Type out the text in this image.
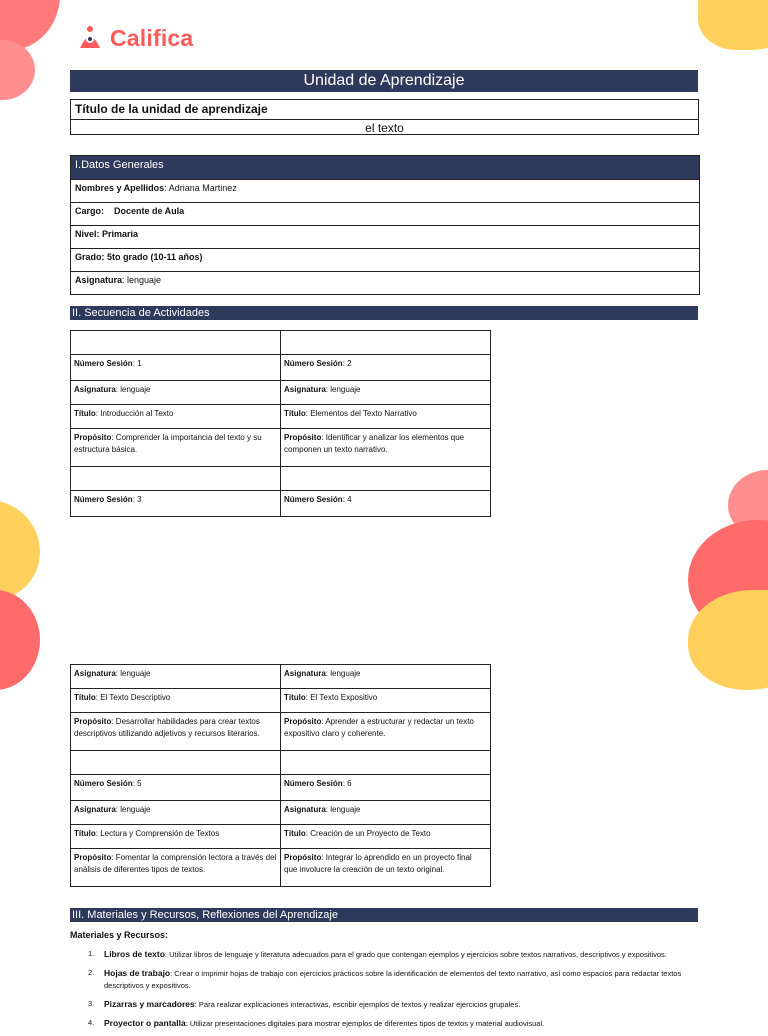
Califica
Unidad de Aprendizaje
Título de la unidad de aprendizaje
el texto
I.Datos Generales
Nombres y Apellidos: Adriana Martinez
Cargo:    Docente de Aula
Nivel: Primaria
Grado: 5to grado (10-11 años)
Asignatura: lenguaje
II. Secuencia de Actividades

Número Sesión: 1	Número Sesión: 2
Asignatura: lenguaje	Asignatura: lenguaje
Título: Introducción al Texto	Título: Elementos del Texto Narrativo
Propósito: Comprender la importancia del texto y su estructura básica.	Propósito: Identificar y analizar los elementos que componen un texto narrativo.

Número Sesión: 3	Número Sesión: 4
Asignatura: lenguaje	Asignatura: lenguaje
Título: El Texto Descriptivo	Título: El Texto Expositivo
Propósito: Desarrollar habilidades para crear textos descriptivos utilizando adjetivos y recursos literarios.	Propósito: Aprender a estructurar y redactar un texto expositivo claro y coherente.

Número Sesión: 5	Número Sesión: 6
Asignatura: lenguaje	Asignatura: lenguaje
Título: Lectura y Comprensión de Textos	Título: Creación de un Proyecto de Texto
Propósito: Fomentar la comprensión lectora a través del análisis de diferentes tipos de textos.	Propósito: Integrar lo aprendido en un proyecto final que involucre la creación de un texto original.
III. Materiales y Recursos, Reflexiones del Aprendizaje
Materiales y Recursos:
1. Libros de texto: Utilizar libros de lenguaje y literatura adecuados para el grado que contengan ejemplos y ejercicios sobre textos narrativos, descriptivos y expositivos.
2. Hojas de trabajo: Crear o imprimir hojas de trabajo con ejercicios prácticos sobre la identificación de elementos del texto narrativo, así como espacios para redactar textos descriptivos y expositivos.
3. Pizarras y marcadores: Para realizar explicaciones interactivas, escribir ejemplos de textos y realizar ejercicios grupales.
4. Proyector o pantalla: Utilizar presentaciones digitales para mostrar ejemplos de diferentes tipos de textos y material audiovisual.
